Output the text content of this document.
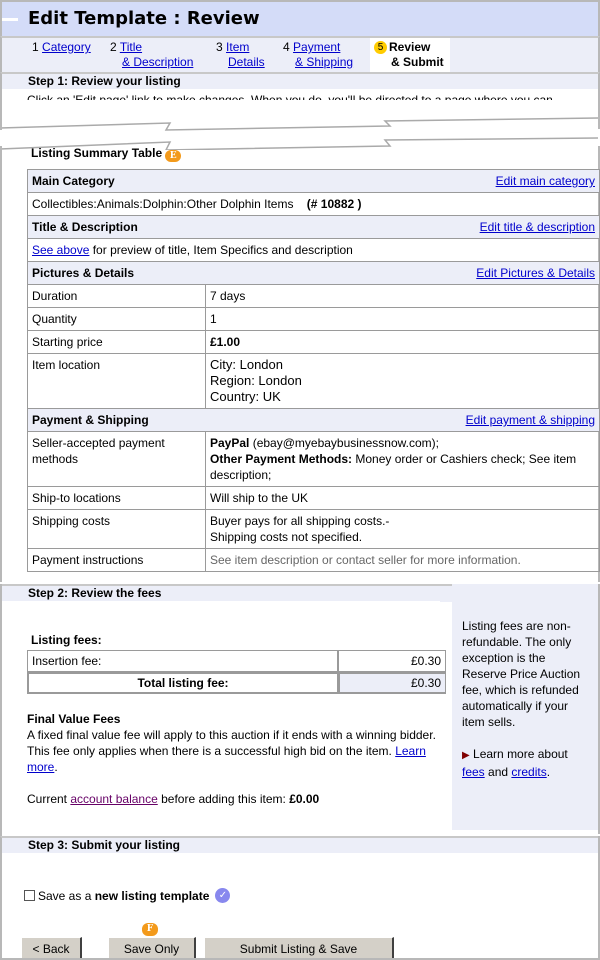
Edit Template : Review
1 Category 2 Title
& Description
3 Item
Details
4 Payment
& Shipping
5 Review
& Submit
Step 1: Review your listing
Listing Summary Table E
Main Category Edit main category	

Collectibles:Animals:Dolphin:Other Dolphin Items (# 10882 )	
Title & Description Edit title & description	

See above for preview of title, Item Specifics and description	
Pictures & Details Edit Pictures & Details	

Duration	7 days
Quantity	1
Starting price	£1.00
Item location	City: London
Region: London
Country: UK

Payment & Shipping Edit payment & shipping	

Seller-accepted payment methods	PayPal (ebay@myebaybusinessnow.com);
Other Payment Methods: Money order or Cashiers check; See item description;
Ship-to locations	Will ship to the UK
Shipping costs	Buyer pays for all shipping costs.-
Shipping costs not specified.

Payment instructions	See item description or contact seller for more information.
Step 2: Review the fees
Listing fees:
Insertion fee:	£0.30
Total listing fee:	£0.30
Final Value Fees
A fixed final value fee will apply to this auction if it ends with a winning bidder. This fee only applies when there is a successful high bid on the item. Learn more.
Current account balance before adding this item: £0.00
Listing fees are non-refundable. The only exception is the Reserve Price Auction fee, which is refunded automatically if your item sells.
▶ Learn more about fees and credits.
Step 3: Submit your listing
Save as a new listing template ✓
F
< Back	Save Only	Submit Listing & Save
